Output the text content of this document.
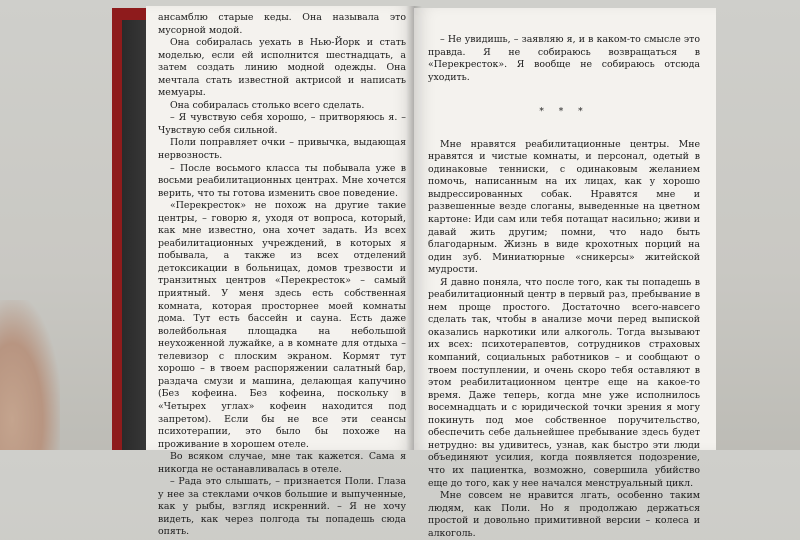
ансамблю старые кеды. Она называла это мусорной модой.

Она собиралась уехать в Нью-Йорк и стать моделью, если ей исполнится шестнадцать, а затем создать линию модной одежды. Она мечтала стать известной актрисой и написать мемуары.

Она собиралась столько всего сделать.

– Я чувствую себя хорошо, – притворяюсь я. – Чувствую себя сильной.

Поли поправляет очки – привычка, выдающая нервозность.

– После восьмого класса ты побывала уже в восьми реабилитационных центрах. Мне хочется верить, что ты готова изменить свое поведение.

«Перекресток» не похож на другие такие центры, – говорю я, уходя от вопроса, который, как мне известно, она хочет задать. Из всех реабилитационных учреждений, в которых я побывала, а также из всех отделений детоксикации в больницах, домов трезвости и транзитных центров «Перекресток» – самый приятный. У меня здесь есть собственная комната, которая просторнее моей комнаты дома. Тут есть бассейн и сауна. Есть даже волейбольная площадка на небольшой неухоженной лужайке, а в комнате для отдыха – телевизор с плоским экраном. Кормят тут хорошо – в твоем распоряжении салатный бар, раздача смузи и машина, делающая капучино (Без кофеина. Без кофеина, поскольку в «Четырех углах» кофеин находится под запретом). Если бы не все эти сеансы психотерапии, это было бы похоже на проживание в хорошем отеле.

Во всяком случае, мне так кажется. Сама я никогда не останавливалась в отеле.

– Рада это слышать, – признается Поли. Глаза у нее за стеклами очков большие и выпученные, как у рыбы, взгляд искренний. – Я не хочу видеть, как через полгода ты попадешь сюда опять.

– Не увидишь, – заявляю я, и в каком-то смысле это правда. Я не собираюсь возвращаться в «Перекресток». Я вообще не собираюсь отсюда уходить.

* * *

Мне нравятся реабилитационные центры. Мне нравятся и чистые комнаты, и персонал, одетый в одинаковые тенниски, с одинаковым желанием помочь, написанным на их лицах, как у хорошо выдрессированных собак. Нравятся мне и развешенные везде слоганы, выведенные на цветном картоне: Иди сам или тебя потащат насильно; живи и давай жить другим; помни, что надо быть благодарным. Жизнь в виде крохотных порций на один зуб. Миниатюрные «сникерсы» житейской мудрости.

Я давно поняла, что после того, как ты попадешь в реабилитационный центр в первый раз, пребывание в нем проще простого. Достаточно всего-навсего сделать так, чтобы в анализе мочи перед выпиской оказались наркотики или алкоголь. Тогда вызывают их всех: психотерапевтов, сотрудников страховых компаний, социальных работников – и сообщают о твоем поступлении, и очень скоро тебя оставляют в этом реабилитационном центре еще на какое-то время. Даже теперь, когда мне уже исполнилось восемнадцать и с юридической точки зрения я могу покинуть под мое собственное поручительство, обеспечить себе дальнейшее пребывание здесь будет нетрудно: вы удивитесь, узнав, как быстро эти люди объединяют усилия, когда появляется подозрение, что их пациентка, возможно, совершила убийство еще до того, как у нее начался менструальный цикл.

Мне совсем не нравится лгать, особенно таким людям, как Поли. Но я продолжаю держаться простой и довольно примитивной версии – колеса и алкоголь.
